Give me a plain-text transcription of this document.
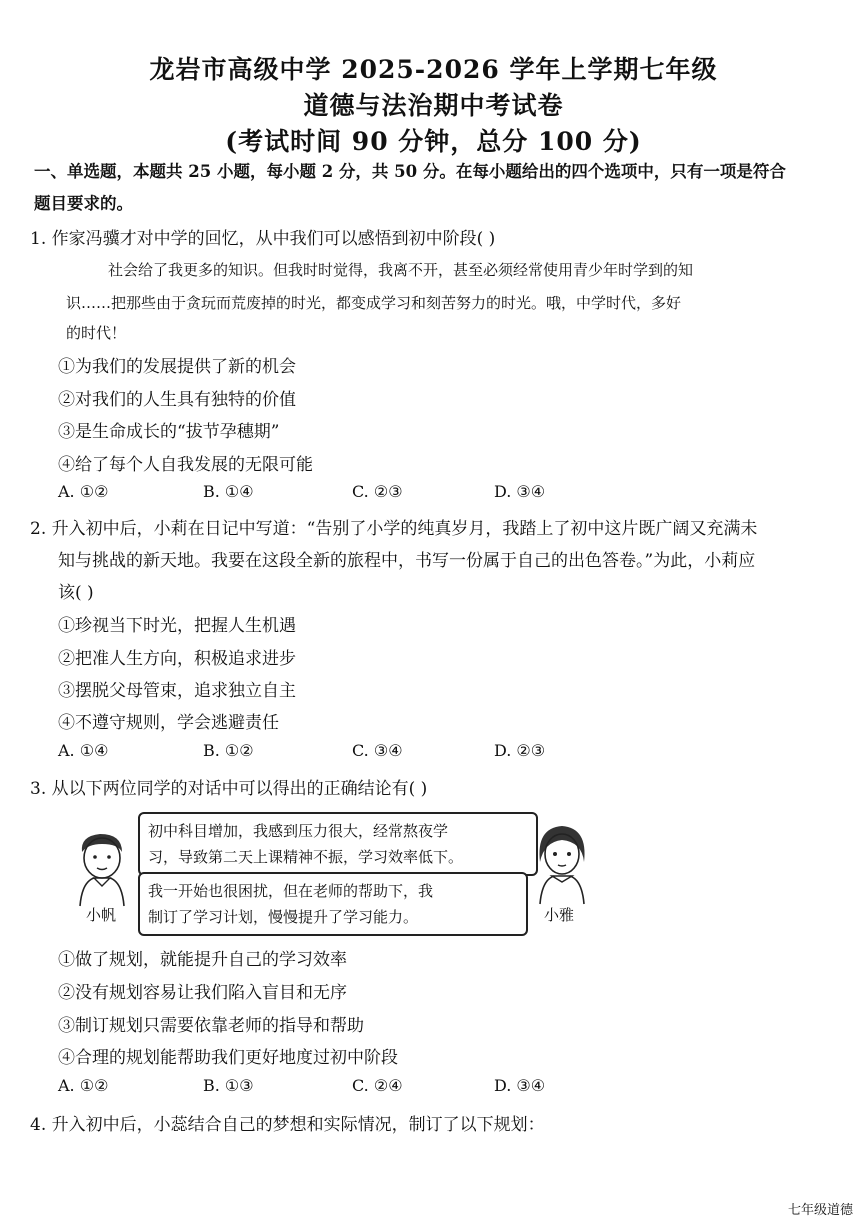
龙岩市高级中学 2025-2026 学年上学期七年级
道德与法治期中考试卷
(考试时间 90 分钟，总分 100 分)
一、单选题，本题共 25 小题，每小题 2 分，共 50 分。在每小题给出的四个选项中，只有一项是符合
题目要求的。
1. 作家冯骥才对中学的回忆，从中我们可以感悟到初中阶段( )
社会给了我更多的知识。但我时时觉得，我离不开，甚至必须经常使用青少年时学到的知
识……把那些由于贪玩而荒废掉的时光，都变成学习和刻苦努力的时光。哦，中学时代，多好
的时代！
①为我们的发展提供了新的机会
②对我们的人生具有独特的价值
③是生命成长的“拔节孕穗期”
④给了每个人自我发展的无限可能
A. ①②	B. ①④	C. ②③	D. ③④
2. 升入初中后，小莉在日记中写道：“告别了小学的纯真岁月，我踏上了初中这片既广阔又充满未
知与挑战的新天地。我要在这段全新的旅程中，书写一份属于自己的出色答卷。”为此，小莉应
该( )
①珍视当下时光，把握人生机遇
②把准人生方向，积极追求进步
③摆脱父母管束，追求独立自主
④不遵守规则，学会逃避责任
A. ①④	B. ①②	C. ③④	D. ②③
3. 从以下两位同学的对话中可以得出的正确结论有( )
小帆	小雅
初中科目增加，我感到压力很大，经常熬夜学
习，导致第二天上课精神不振，学习效率低下。
我一开始也很困扰，但在老师的帮助下，我
制订了学习计划，慢慢提升了学习能力。
①做了规划，就能提升自己的学习效率
②没有规划容易让我们陷入盲目和无序
③制订规划只需要依靠老师的指导和帮助
④合理的规划能帮助我们更好地度过初中阶段
A. ①②	B. ①③	C. ②④	D. ③④
4. 升入初中后，小蕊结合自己的梦想和实际情况，制订了以下规划：
七年级道德
